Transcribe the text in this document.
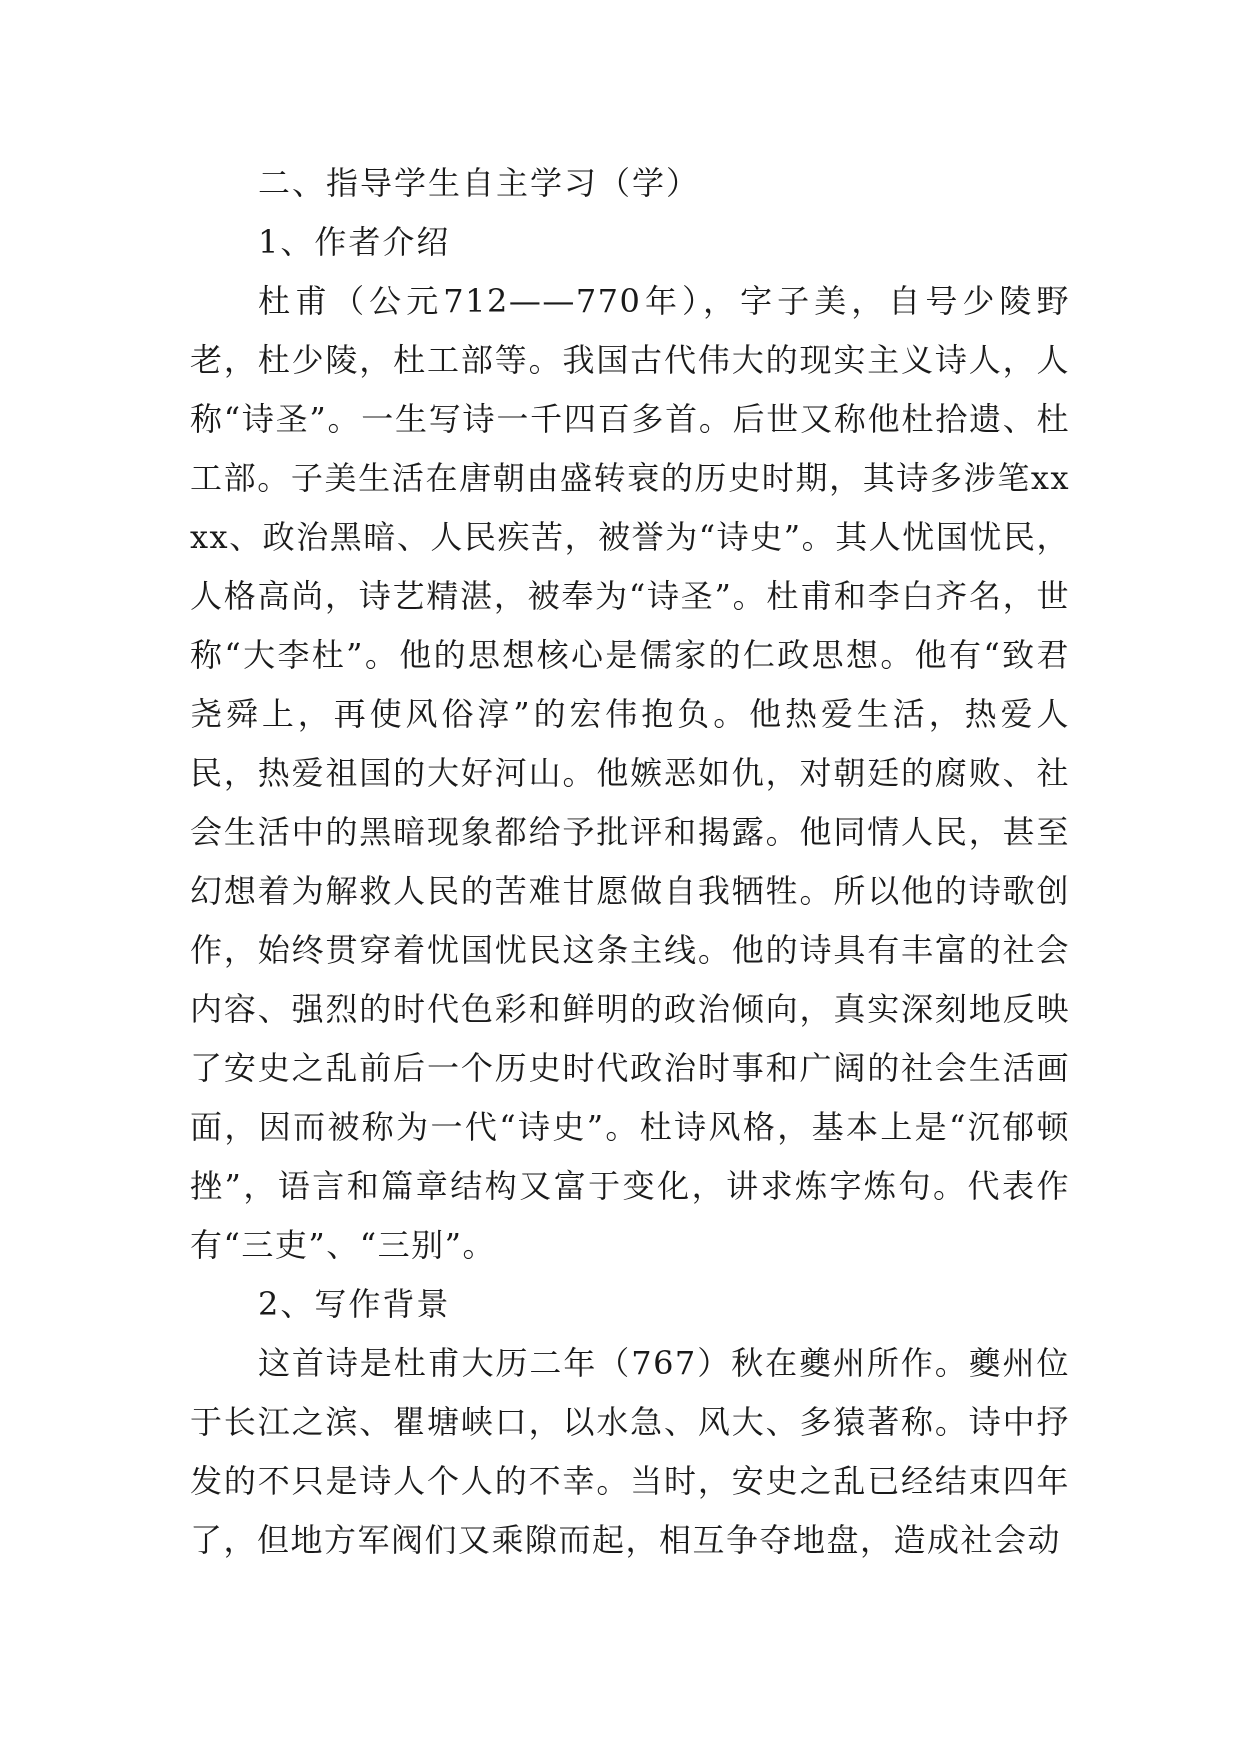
二、指导学生自主学习（学）
1、作者介绍

杜甫（公元712——770年），字子美，自号少陵野老，杜少陵，杜工部等。我国古代伟大的现实主义诗人，人称“诗圣”。一生写诗一千四百多首。后世又称他杜拾遗、杜工部。子美生活在唐朝由盛转衰的历史时期，其诗多涉笔xxxx、政治黑暗、人民疾苦，被誉为“诗史”。其人忧国忧民，人格高尚，诗艺精湛，被奉为“诗圣”。杜甫和李白齐名，世称“大李杜”。他的思想核心是儒家的仁政思想。他有“致君尧舜上，再使风俗淳”的宏伟抱负。他热爱生活，热爱人民，热爱祖国的大好河山。他嫉恶如仇，对朝廷的腐败、社会生活中的黑暗现象都给予批评和揭露。他同情人民，甚至幻想着为解救人民的苦难甘愿做自我牺牲。所以他的诗歌创作，始终贯穿着忧国忧民这条主线。他的诗具有丰富的社会内容、强烈的时代色彩和鲜明的政治倾向，真实深刻地反映了安史之乱前后一个历史时代政治时事和广阔的社会生活画面，因而被称为一代“诗史”。杜诗风格，基本上是“沉郁顿挫”，语言和篇章结构又富于变化，讲求炼字炼句。代表作有“三吏”、“三别”。

2、写作背景

这首诗是杜甫大历二年（767）秋在夔州所作。夔州位于长江之滨、瞿塘峡口，以水急、风大、多猿著称。诗中抒发的不只是诗人个人的不幸。当时，安史之乱已经结束四年了，但地方军阀们又乘隙而起，相互争夺地盘，造成社会动
